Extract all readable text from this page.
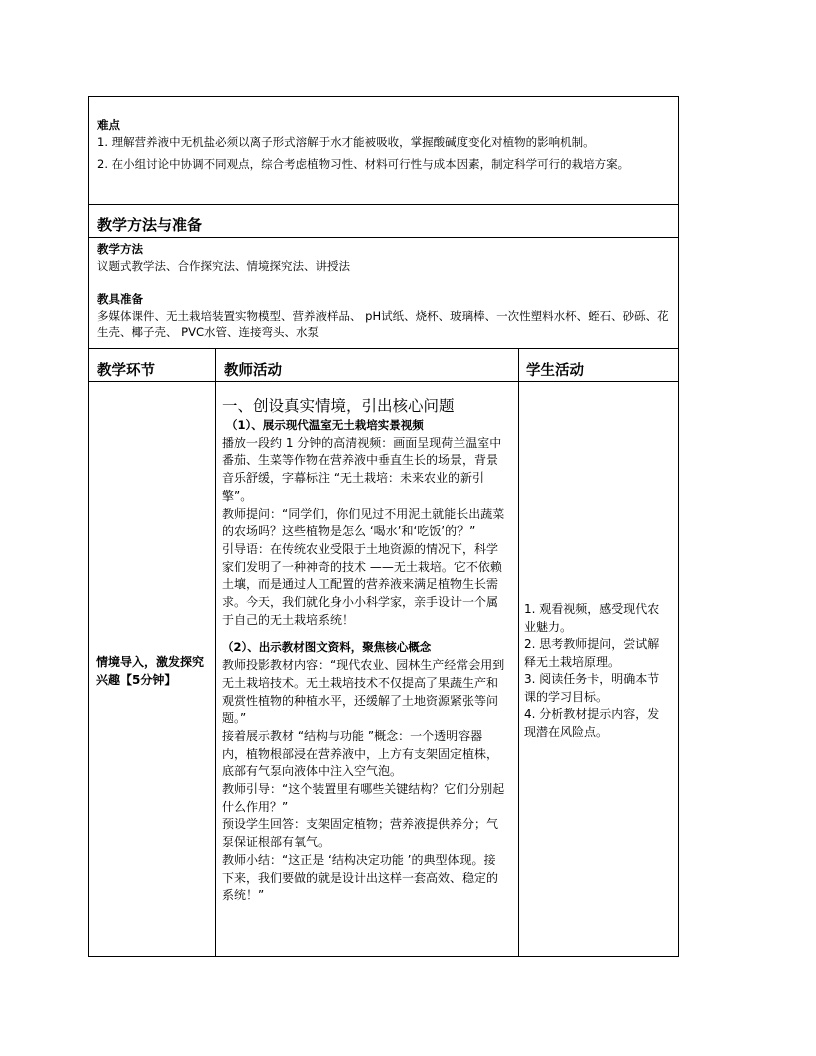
难点

1. 理解营养液中无机盐必须以离子形式溶解于水才能被吸收，掌握酸碱度变化对植物的影响机制。

2. 在小组讨论中协调不同观点，综合考虑植物习性、材料可行性与成本因素，制定科学可行的栽培方案。

教学方法与准备

教学方法

议题式教学法、合作探究法、情境探究法、讲授法

教具准备

多媒体课件、无土栽培装置实物模型、营养液样品、 pH试纸、烧杯、玻璃棒、一次性塑料水杯、蛭石、砂砾、花生壳、椰子壳、 PVC水管、连接弯头、水泵

教学环节	教师活动	学生活动

情境导入，激发探究兴趣【5分钟】

一、创设真实情境，引出核心问题

（1）、展示现代温室无土栽培实景视频

播放一段约 1 分钟的高清视频：画面呈现荷兰温室中番茄、生菜等作物在营养液中垂直生长的场景，背景音乐舒缓，字幕标注 “无土栽培：未来农业的新引擎”。

教师提问：“同学们，你们见过不用泥土就能长出蔬菜的农场吗？这些植物是怎么 ‘喝水’和‘吃饭’的？”

引导语：在传统农业受限于土地资源的情况下，科学家们发明了一种神奇的技术 ——无土栽培。它不依赖土壤，而是通过人工配置的营养液来满足植物生长需求。今天，我们就化身小小科学家，亲手设计一个属于自己的无土栽培系统！

（2）、出示教材图文资料，聚焦核心概念

教师投影教材内容：“现代农业、园林生产经常会用到无土栽培技术。无土栽培技术不仅提高了果蔬生产和观赏性植物的种植水平，还缓解了土地资源紧张等问题。”

接着展示教材 “结构与功能 ”概念：一个透明容器内，植物根部浸在营养液中，上方有支架固定植株，底部有气泵向液体中注入空气泡。

教师引导：“这个装置里有哪些关键结构？它们分别起什么作用？”

预设学生回答：支架固定植物；营养液提供养分；气泵保证根部有氧气。

教师小结：“这正是 ‘结构决定功能 ’的典型体现。接下来，我们要做的就是设计出这样一套高效、稳定的系统！”

1. 观看视频，感受现代农业魅力。

2. 思考教师提问，尝试解释无土栽培原理。

3. 阅读任务卡，明确本节课的学习目标。

4. 分析教材提示内容，发现潜在风险点。
